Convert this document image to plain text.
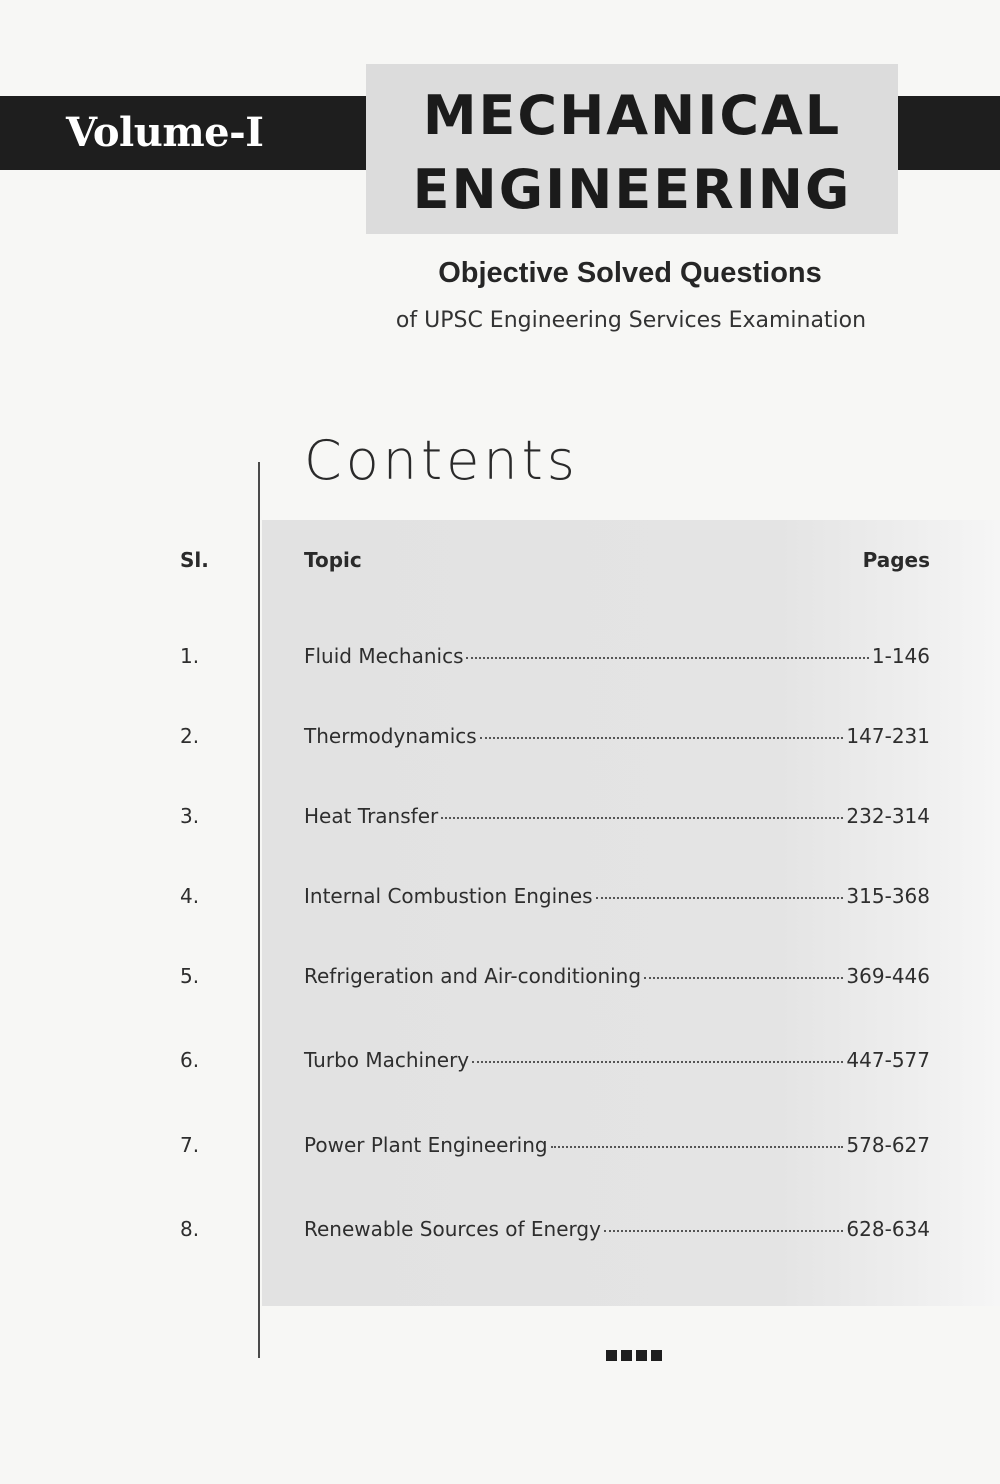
Volume-I	MECHANICAL
ENGINEERING
Objective Solved Questions
of UPSC Engineering Services Examination
Contents
Sl.	Topic	Pages
1.	Fluid Mechanics	1-146
2.	Thermodynamics	147-231
3.	Heat Transfer	232-314
4.	Internal Combustion Engines	315-368
5.	Refrigeration and Air-conditioning	369-446
6.	Turbo Machinery	447-577
7.	Power Plant Engineering	578-627
8.	Renewable Sources of Energy	628-634
